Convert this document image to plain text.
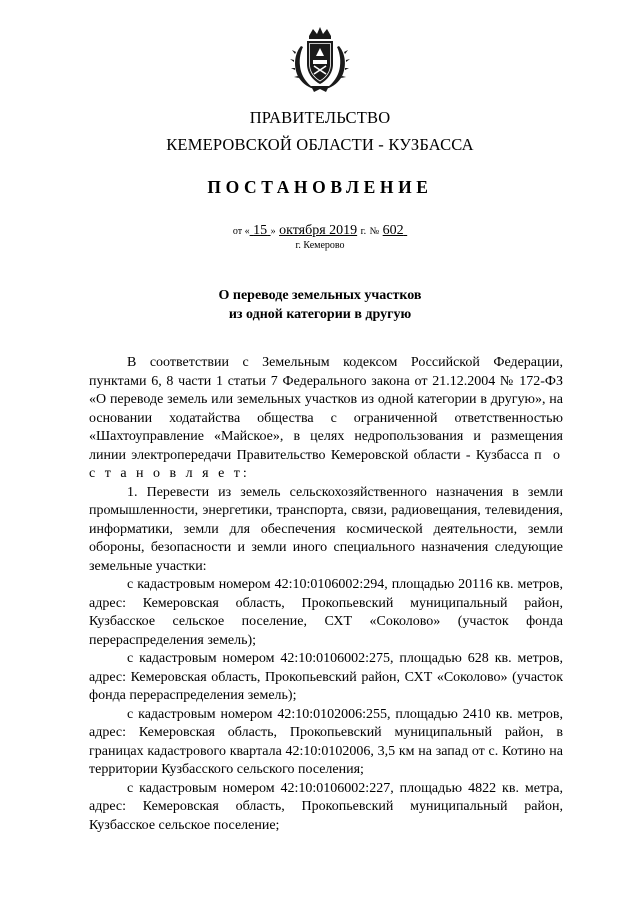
ПРАВИТЕЛЬСТВО
КЕМЕРОВСКОЙ ОБЛАСТИ - КУЗБАССА
ПОСТАНОВЛЕНИЕ
от « 15 » октября 2019 г. № 602
г. Кемерово
О переводе земельных участков
из одной категории в другую

В соответствии с Земельным кодексом Российской Федерации, пунктами 6, 8 части 1 статьи 7 Федерального закона от 21.12.2004 № 172-ФЗ «О переводе земель или земельных участков из одной категории в другую», на основании ходатайства общества с ограниченной ответственностью «Шахтоуправление «Майское», в целях недропользования и размещения линии электропередачи Правительство Кемеровской области - Кузбасса п о с т а н о в л я е т:

1. Перевести из земель сельскохозяйственного назначения в земли промышленности, энергетики, транспорта, связи, радиовещания, телевидения, информатики, земли для обеспечения космической деятельности, земли обороны, безопасности и земли иного специального назначения следующие земельные участки:

с кадастровым номером 42:10:0106002:294, площадью 20116 кв. метров, адрес: Кемеровская область, Прокопьевский муниципальный район, Кузбасское сельское поселение, СХТ «Соколово» (участок фонда перераспределения земель);

с кадастровым номером 42:10:0106002:275, площадью 628 кв. метров, адрес: Кемеровская область, Прокопьевский район, СХТ «Соколово» (участок фонда перераспределения земель);

с кадастровым номером 42:10:0102006:255, площадью 2410 кв. метров, адрес: Кемеровская область, Прокопьевский муниципальный район, в границах кадастрового квартала 42:10:0102006, 3,5 км на запад от с. Котино на территории Кузбасского сельского поселения;

с кадастровым номером 42:10:0106002:227, площадью 4822 кв. метра, адрес: Кемеровская область, Прокопьевский муниципальный район, Кузбасское сельское поселение;
